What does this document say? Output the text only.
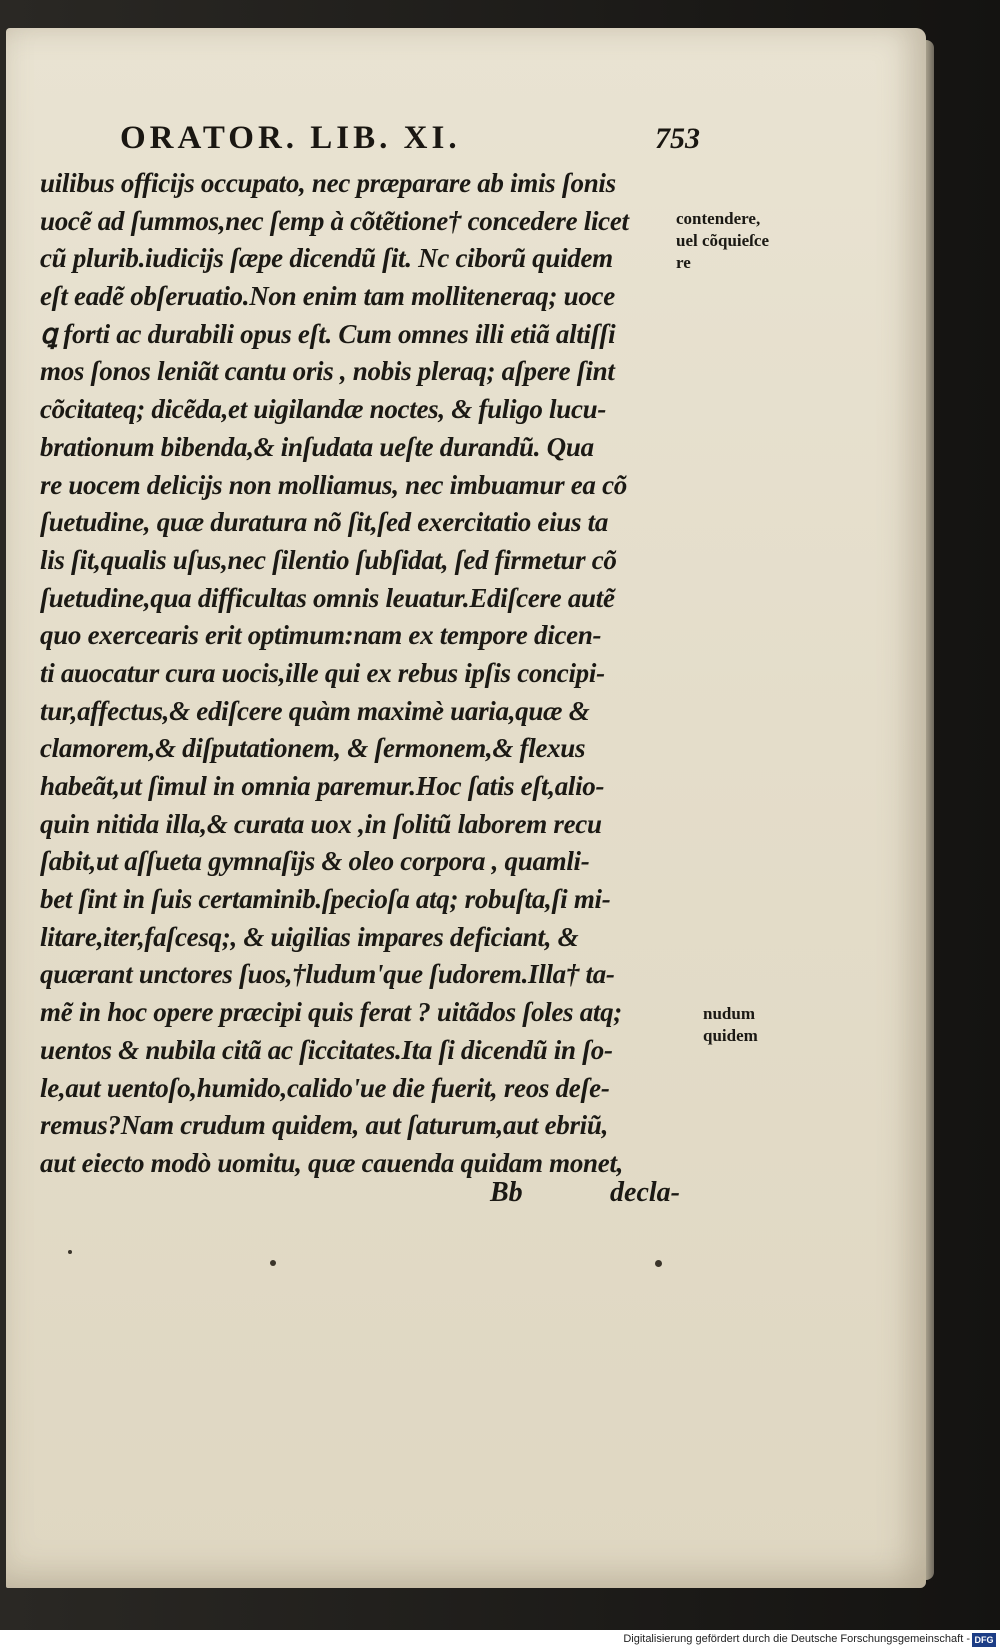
ORATOR. LIB. XI.	753
uilibus officijs occupato, nec præparare ab imis ſonis
uocẽ ad ſummos,nec ſemp à cõtẽtione† concedere licet
cũ plurib.iudicijs ſæpe dicendũ ſit. Nc ciborũ quidem
eſt eadẽ obſeruatio.Non enim tam molliteneraq; uoce
ꝗ forti ac durabili opus eſt. Cum omnes illi etiã altiſſi
mos ſonos leniãt cantu oris , nobis pleraq; aſpere ſint
cõcitateq; dicẽda,et uigilandæ noctes, & fuligo lucu-
brationum bibenda,& inſudata ueſte durandũ. Qua
re uocem delicijs non molliamus, nec imbuamur ea cõ
ſuetudine, quæ duratura nõ ſit,ſed exercitatio eius ta
lis ſit,qualis uſus,nec ſilentio ſubſidat, ſed firmetur cõ
ſuetudine,qua difficultas omnis leuatur.Ediſcere autẽ
quo exercearis erit optimum:nam ex tempore dicen-
ti auocatur cura uocis,ille qui ex rebus ipſis concipi-
tur,affectus,& ediſcere quàm maximè uaria,quæ &
clamorem,& diſputationem, & ſermonem,& flexus
habeãt,ut ſimul in omnia paremur.Hoc ſatis eſt,alio-
quin nitida illa,& curata uox ,in ſolitũ laborem recu
ſabit,ut aſſueta gymnaſijs & oleo corpora , quamli-
bet ſint in ſuis certaminib.ſpecioſa atq; robuſta,ſi mi-
litare,iter,faſcesq;, & uigilias impares deficiant, &
quærant unctores ſuos,†ludum'que ſudorem.Illa† ta-
mẽ in hoc opere præcipi quis ferat ? uitãdos ſoles atq;
uentos & nubila citã ac ſiccitates.Ita ſi dicendũ in ſo-
le,aut uentoſo,humido,calido'ue die fuerit, reos deſe-
remus?Nam crudum quidem, aut ſaturum,aut ebriũ,
aut eiecto modò uomitu, quæ cauenda quidam monet,
contendere,
uel cõquieſce
re
nudum
quidem
Bb	decla-
Digitalisierung gefördert durch die Deutsche Forschungsgemeinschaft - DFG
